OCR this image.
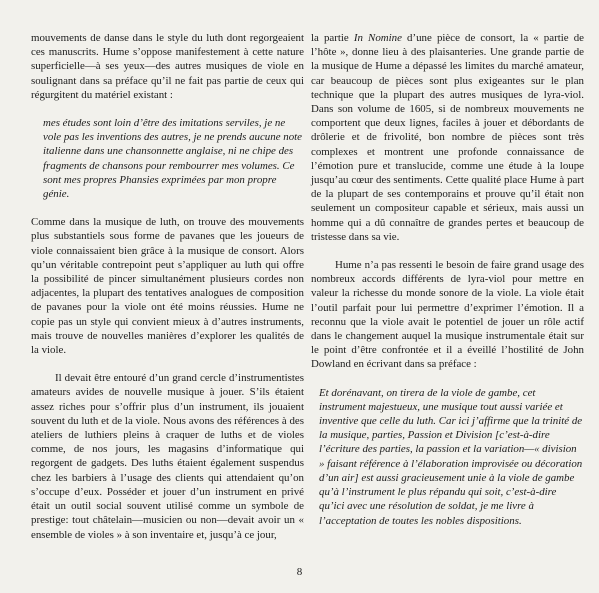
mouvements de danse dans le style du luth dont regorgeaient ces manuscrits. Hume s’oppose manifestement à cette nature superficielle—à ses yeux—des autres musiques de viole en soulignant dans sa préface qu’il ne fait pas partie de ceux qui régurgitent du matériel existant :

mes études sont loin d’être des imitations serviles, je ne vole pas les inventions des autres, je ne prends aucune note italienne dans une chansonnette anglaise, ni ne chipe des fragments de chansons pour rembourrer mes volumes. Ce sont mes propres Phansies exprimées par mon propre génie.

Comme dans la musique de luth, on trouve des mouvements plus substantiels sous forme de pavanes que les joueurs de viole connaissaient bien grâce à la musique de consort. Alors qu’un véritable contrepoint peut s’appliquer au luth qui offre la possibilité de pincer simultanément plusieurs cordes non adjacentes, la plupart des tentatives analogues de composition de pavanes pour la viole ont été moins réussies. Hume ne copie pas un style qui convient mieux à d’autres instruments, mais trouve de nouvelles manières d’explorer les qualités de la viole.

Il devait être entouré d’un grand cercle d’instrumentistes amateurs avides de nouvelle musique à jouer. S’ils étaient assez riches pour s’offrir plus d’un instrument, ils jouaient souvent du luth et de la viole. Nous avons des références à des ateliers de luthiers pleins à craquer de luths et de violes comme, de nos jours, les magasins d’informatique qui regorgent de gadgets. Des luths étaient également suspendus chez les barbiers à l’usage des clients qui attendaient qu’on s’occupe d’eux. Posséder et jouer d’un instrument en privé était un outil social souvent utilisé comme un symbole de prestige: tout châtelain—musicien ou non—devait avoir un « ensemble de violes » à son inventaire et, jusqu’à ce jour,

la partie In Nomine d’une pièce de consort, la « partie de l’hôte », donne lieu à des plaisanteries. Une grande partie de la musique de Hume a dépassé les limites du marché amateur, car beaucoup de pièces sont plus exigeantes sur le plan technique que la plupart des autres musiques de lyra-viol. Dans son volume de 1605, si de nombreux mouvements ne comportent que deux lignes, faciles à jouer et débordants de drôlerie et de frivolité, bon nombre de pièces sont très complexes et montrent une profonde connaissance de l’émotion pure et translucide, comme une étude à la loupe jusqu’au cœur des sentiments. Cette qualité place Hume à part de la plupart de ses contemporains et prouve qu’il était non seulement un compositeur capable et sérieux, mais aussi un homme qui a dû connaître de grandes pertes et beaucoup de tristesse dans sa vie.

Hume n’a pas ressenti le besoin de faire grand usage des nombreux accords différents de lyra-viol pour mettre en valeur la richesse du monde sonore de la viole. La viole était l’outil parfait pour lui permettre d’exprimer l’émotion. Il a reconnu que la viole avait le potentiel de jouer un rôle actif dans le changement auquel la musique instrumentale était sur le point d’être confrontée et il a éveillé l’hostilité de John Dowland en écrivant dans sa préface :

Et dorénavant, on tirera de la viole de gambe, cet instrument majestueux, une musique tout aussi variée et inventive que celle du luth. Car ici j’affirme que la trinité de la musique, parties, Passion et Division [c’est-à-dire l’écriture des parties, la passion et la variation—« division » faisant référence à l’élaboration improvisée ou décoration d’un air] est aussi gracieusement unie à la viole de gambe qu’à l’instrument le plus répandu qui soit, c’est-à-dire qu’ici avec une résolution de soldat, je me livre à l’acceptation de toutes les nobles dispositions.

8
